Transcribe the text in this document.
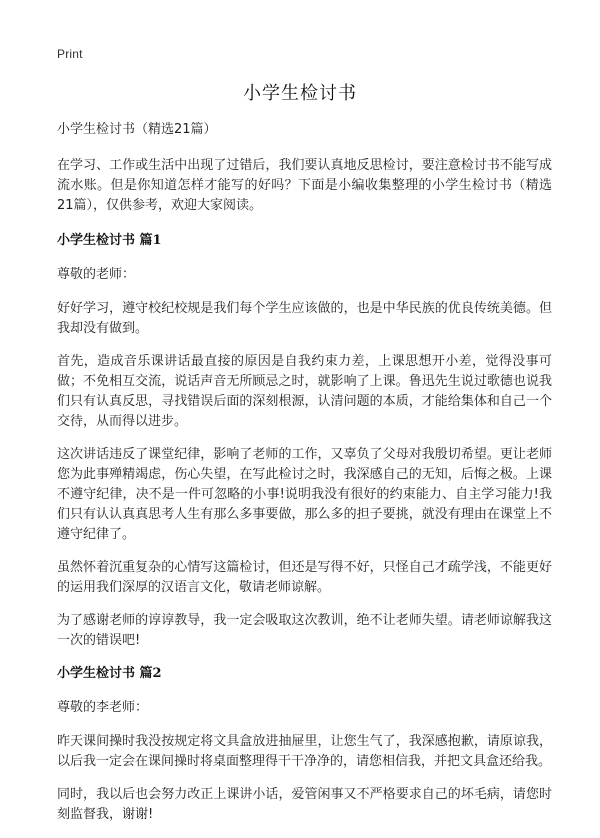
Print
小学生检讨书

小学生检讨书（精选21篇）

在学习、工作或生活中出现了过错后，我们要认真地反思检讨，要注意检讨书不能写成流水账。但是你知道怎样才能写的好吗？下面是小编收集整理的小学生检讨书（精选21篇），仅供参考，欢迎大家阅读。

小学生检讨书 篇1

尊敬的老师：

好好学习，遵守校纪校规是我们每个学生应该做的，也是中华民族的优良传统美德。但我却没有做到。

首先，造成音乐课讲话最直接的原因是自我约束力差，上课思想开小差，觉得没事可做；不免相互交流，说话声音无所顾忌之时，就影响了上课。鲁迅先生说过歌德也说我们只有认真反思，寻找错误后面的深刻根源，认清问题的本质，才能给集体和自己一个交待，从而得以进步。

这次讲话违反了课堂纪律，影响了老师的工作，又辜负了父母对我殷切希望。更让老师您为此事殚精竭虑，伤心失望，在写此检讨之时，我深感自己的无知，后悔之极。上课不遵守纪律，决不是一件可忽略的小事!说明我没有很好的约束能力、自主学习能力!我们只有认认真真思考人生有那么多事要做，那么多的担子要挑，就没有理由在课堂上不遵守纪律了。

虽然怀着沉重复杂的心情写这篇检讨，但还是写得不好，只怪自己才疏学浅，不能更好的运用我们深厚的汉语言文化，敬请老师谅解。

为了感谢老师的谆谆教导，我一定会吸取这次教训，绝不让老师失望。请老师谅解我这一次的错误吧!

小学生检讨书 篇2

尊敬的李老师：

昨天课间操时我没按规定将文具盒放进抽屉里，让您生气了，我深感抱歉，请原谅我，以后我一定会在课间操时将桌面整理得干干净净的，请您相信我，并把文具盒还给我。

同时，我以后也会努力改正上课讲小话，爱管闲事又不严格要求自己的坏毛病，请您时刻监督我，谢谢!
